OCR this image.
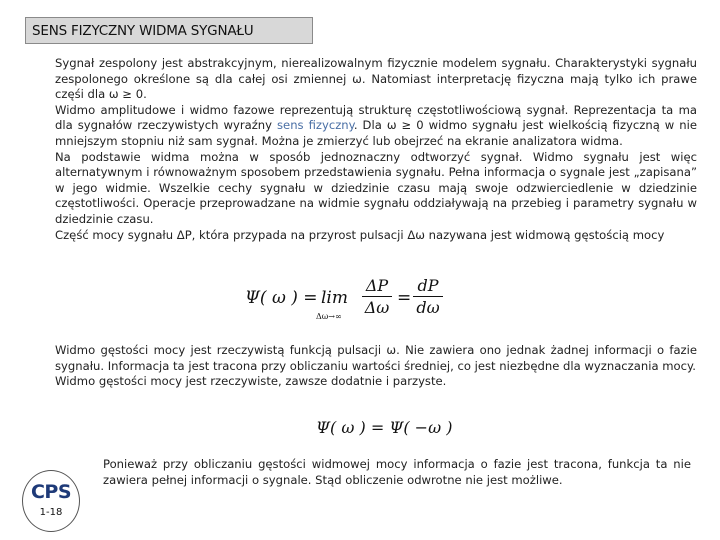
SENS FIZYCZNY WIDMA SYGNAŁU

Sygnał zespolony jest abstrakcyjnym, nierealizowalnym fizycznie modelem sygnału. Charakterystyki sygnału zespolonego określone są dla całej osi zmiennej ω. Natomiast interpretację fizyczna mają tylko ich prawe częśi dla ω ≥ 0.

Widmo amplitudowe i widmo fazowe reprezentują strukturę częstotliwościową sygnał. Reprezentacja ta ma dla sygnałów rzeczywistych wyraźny sens fizyczny. Dla ω ≥ 0 widmo sygnału jest wielkością fizyczną w nie mniejszym stopniu niż sam sygnał. Można je zmierzyć lub obejrzeć na ekranie analizatora widma.

Na podstawie widma można w sposób jednoznaczny odtworzyć sygnał. Widmo sygnału jest więc alternatywnym i równoważnym sposobem przedstawienia sygnału. Pełna informacja o sygnale jest „zapisana” w jego widmie. Wszelkie cechy sygnału w dziedzinie czasu mają swoje odzwierciedlenie w dziedzinie częstotliwości. Operacje przeprowadzane na widmie sygnału oddziaływają na przebieg i parametry sygnału w dziedzinie czasu.

Część mocy sygnału ΔP, która przypada na przyrost pulsacji Δω nazywana jest widmową gęstością mocy

Ψ( ω ) = lim
Δω→∞
ΔP
Δω =
dP
dω

Widmo gęstości mocy jest rzeczywistą funkcją pulsacji ω. Nie zawiera ono jednak żadnej informacji o fazie sygnału. Informacja ta jest tracona przy obliczaniu wartości średniej, co jest niezbędne dla wyznaczania mocy.

Widmo gęstości mocy jest rzeczywiste, zawsze dodatnie i parzyste.

Ψ( ω ) = Ψ( −ω )
Ponieważ przy obliczaniu gęstości widmowej mocy informacja o fazie jest tracona, funkcja ta nie zawiera pełnej informacji o sygnale. Stąd obliczenie odwrotne nie jest możliwe.
CPS
1-18
